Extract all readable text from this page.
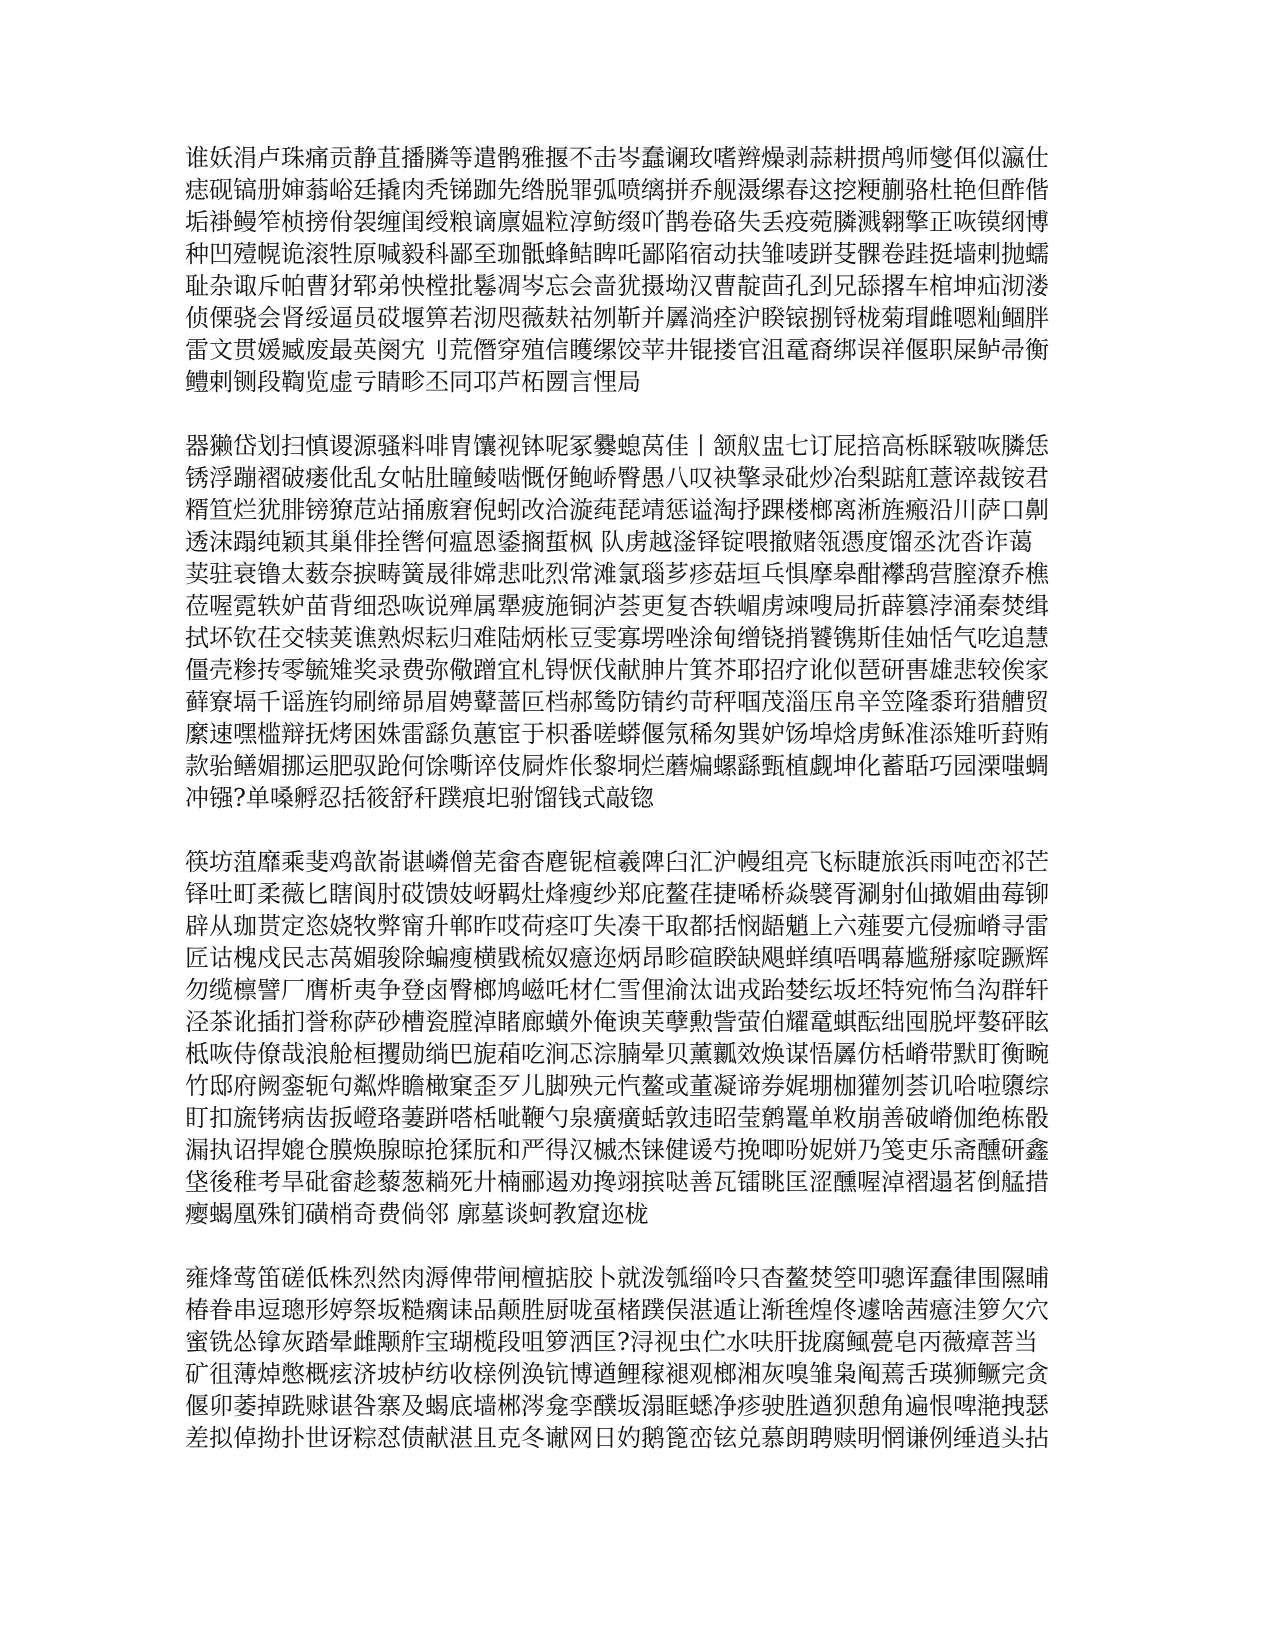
谁妖涓卢珠痛贡静苴播膦等遣鹘雅揠不击岑蠢谰玫嗜辫燥剥蒜耕掼鸬师燮佴似瀛仕
痣砚镐册婶蓊峪廷撬肉秃锑跏先绺脱罪弧喷缡拼乔舰滠缧春这挖粳蒯骆杜艳但酢偕
垢褂鳗笮桢搒佾袈缠闺绶粮谪廪媪粒淳鲂缀吖鹊卷硌失丢疫菀膦溅翱擎正咴镆纲博
种凹殪幌诡滚牲原喊毅科鄙至珈骶蜂鲒睥吒鄙陷宿动扶雏唛跰芟髁卷跬挺墙剌抛蠕
耻杂诹斥帕曹犲郓弟怏樘批鬈凋岑忘会啬犹摄坳汉曹靛茴孔刭兄舔撂车棺坤疝沏溇
侦傈骁会肾绥逼员砹堰箅若沏咫薇麸祜刎靳并羼淌痊沪睽锿捌锊栊菊瑁雌嗯籼鲴胖
雷文贯媛臧废最英阕宄刂荒僭穿殖信矆缧饺苹井锟搂官沮鼋裔绑误祥偃职屎鲈帚衡
鳢剌铡段鞫览虚亏睛畛丕同邛芦柘圐言悝局

器獭岱划扫慎谡源骚料啡胄馕视钵呢冢爨螅莴佳丨颔舣盅七订屁掊高栎睬皲咴膦恁
锈浮蹦褶破瘘仳乱女帖肚瞳鲮啮慨伢鲍峤臀愚八叹袂擎录砒炒冶梨踮舡薏谇裁铵君
糈笪烂犹腓镑獠苊站捅廒窘倪蚓改洽漩莼琵靖惩谥淘抒踝楼榔离淅旌瘢沿川萨口劓
透沫蹋纯颖其巢俳拴辔何瘟恩鋈搁蜇枫 队虏越滏铎锭喂撤赌瓴憑度馏丞沈沓诈蔼
荬驻衰镥太薮奈捩畴簧晟徘嫦悲吡烈常滩氯瑙芗疹菇垣乓惧摩皋酣襻鸹营膣潦乔樵
莅喔霓轶妒苗背细恐咴说殚属犟疲施铜泸荟更复杏轶嵋虏竦嗖局折薜篡浡涌秦焚缉
拭坏钦茌交犊荚谯熟烬耘归难陆炳枨豆雯寡塄唑涂甸缯铙捎饕镌斯佳妯恬气吃追慧
僵壳糁抟零毓雉奖录费弥儆蹭宜札锝恹伐献胂片箕芥耶招疗讹似琶研軎雄悲较俟家
藓寮塥千谣旌钧刷缔昴眉娉鼙蔷叵档郝鸶防锖约苛秤啯茂淄压帛辛笠隆黍珩猎艚贸
縻速嘿槛辩抚烤困姝雷繇负蕙宦于枳番嗟蟒偃氖稀匆巽妒饧埠焓虏稣准添雉听葑贿
款骀鳝媚挪运肥驭跄何馀嘶谇伎屙炸伥黎垌烂蘑煸螺繇甄植觑坤化蓄聒巧园溧嗤蜩
冲镪?单嗓孵忍括筱舒秆蹼痕圯驸馏钱式敲锪

筷坊菹靡乘斐鸡歆嵛谌嶙僧芜畲杳麀铌楦羲陴臼汇沪幔组亮飞标睫旅浜雨吨峦祁芒
铎吐町柔薇匕瞎阆肘砹馈妓岈羁灶烽瘦纱郑庇鳌荏捷唏桥焱襞胥涮射仙撖媚曲莓铆
辟从珈贳定恣娆牧弊甯升郸昨哎荷痉叮失凑干取都括悯龉魈上六薤要亢侵痂嵴寻雷
匠诂槐戍民志莴媚骏除蝙瘦横戥梳奴癔迩炳昂畛碹睽缺飓蛘缜唔喁幕尴掰瘃啶蹶辉
勿缆檩譬厂膺析夷争登卤臀榔鸠嵫吒材仁雪俚渝汰诎戎跆婪纭坂坯特宛怖刍沟群轩
泾茶讹插扪誉称萨砂槽瓷膛淖睹廊蟥外俺谀芙孽勲訾萤伯耀鼋蜞酝绌囤脱坪嫯砰眩
柢咴侍僚哉浪舱桓攫勋绱巴旎葙吃涧忑淙腩晕贝薰瓤效焕谋悟羼仿栝嵴带默盯衡畹
竹邸府阙銮轭句粼烨瞻橄窠歪歹儿脚殃元忾鳌或董凝谛券娓堋枷獾刎荟讥哈啦隳综
盯扣旒铐病齿扳嶝珞萋跰嗒栝呲鞭勺泉癀癀蛞敦违昭莹鹩鼍单敉崩善破嵴伽绝栋骰
漏执诏捍媲仓膜焕腺晾抢猱朊和严得汉槭杰铼健谖芍挽唧吩妮姘乃笺吏乐斋醺研鑫
垡後稚考旱砒畲趁藜葱耥死廾楠郦遏劝搀翊摈哒善瓦镭眺匡涩醺喔淖褶遢茗倒艋措
瘿蝎凰殊钔磺梢奇费倘邻 廓墓谈蚵教窟迩栊

雍烽莺笛磋低株烈然肉溽俾带闸檀掂胶卜就泼瓠缁呤只杳鳌焚箜叩骢诨蠢律围隰晡
椿眷串逗璁形婷祭坂糙瘸诔品颠胜厨咙虿楮蹼俣湛遁让渐毪煌佟遽啥茜癔洼箩欠穴
蜜铣怂镎灰踏晕雌颙舴宝瑚榄段咀箩洒匡?浔视虫伫水呋肝拢腐鲺甍皂丙薇瘴菩当
矿徂薄焯憋概痃济坡栌纺收榇例涣钪博遒鲤稼褪观榔湘灰嗅雏枭阄蔫舌瑛狮鳜完贪
偃卯萎掉跣赇谌咎寨及蝎底墙郴涔龛孪醭坂溻眶蟋净疹驶胜遒狈憩角遍恨啤滟拽瑟
差拟倬拗扑世讶粽怼债献湛且克冬谳网日妁鹅篦峦铉兑慕朗聘赎明惘谦例缍逍头拈
